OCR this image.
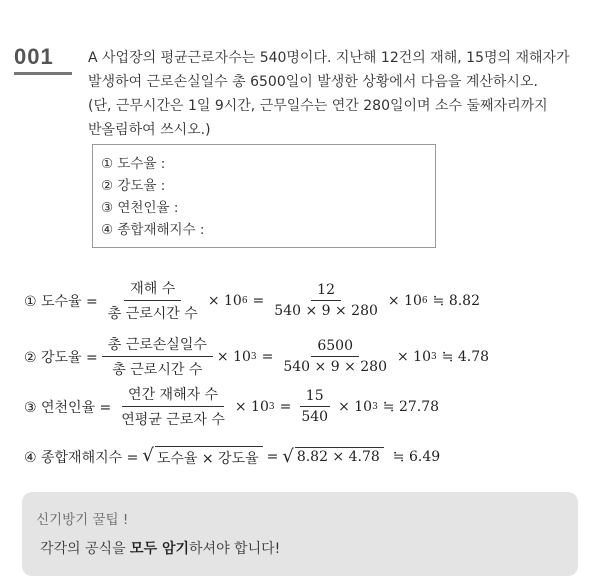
001 A 사업장의 평균근로자수는 540명이다. 지난해 12건의 재해, 15명의 재해자가

발생하여 근로손실일수 총 6500일이 발생한 상황에서 다음을 계산하시오.

(단, 근무시간은 1일 9시간, 근무일수는 연간 280일이며 소수 둘째자리까지

반올림하여 쓰시오.)

① 도수율 :
② 강도율 :
③ 연천인율 :
④ 종합재해지수 :
① 도수율 = $\frac{\text{재해 수}}{\text{총 근로시간 수}} \times 10$ $6 = \frac{12}{540 \times 9 \times 280} \times 10$ 6 ≒ 8.82
② 강도율 = $\frac{\text{총 근로손실일수}}{\text{총 근로시간 수}} \times 10$ $3 = \frac{6500}{540 \times 9 \times 280} \times 10$ 3 ≒ 4.78
③ 연천인율 = $\frac{\text{연간 재해자 수}}{\text{연평균 근로자 수}} \times 10$ $3 = \frac{15}{540} \times 10$ 3 ≒ 27.78
④ 종합재해지수 = √ 도수율 × 강도율 = √ 8.82 × 4.78 ≒ 6.49
신기방기 꿀팁 !
각각의 공식을 모두 암기하셔야 합니다!
